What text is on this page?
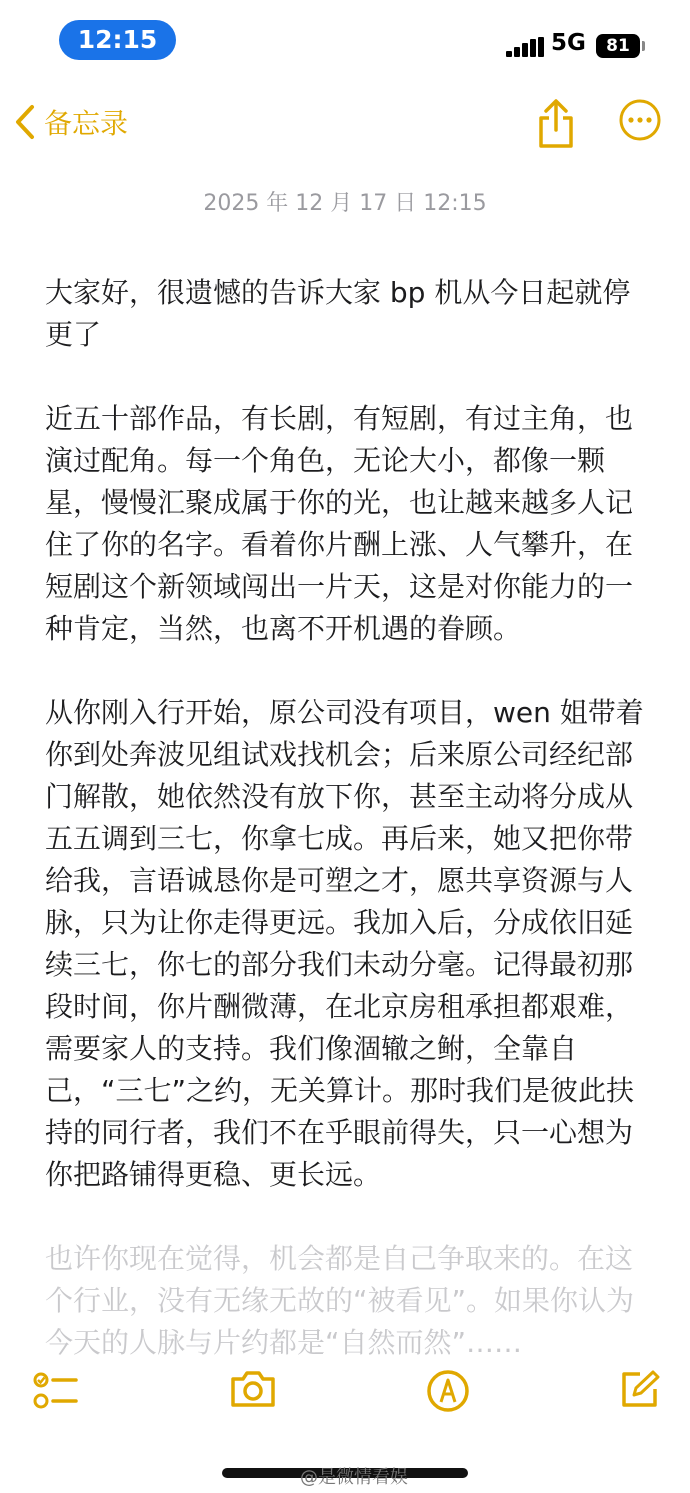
12:15	5G	81
备忘录
2025 年 12 月 17 日 12:15

大家好，很遗憾的告诉大家 bp 机从今日起就停更了

近五十部作品，有长剧，有短剧，有过主角，也演过配角。每一个角色，无论大小，都像一颗星，慢慢汇聚成属于你的光，也让越来越多人记住了你的名字。看着你片酬上涨、人气攀升，在短剧这个新领域闯出一片天，这是对你能力的一种肯定，当然，也离不开机遇的眷顾。

从你刚入行开始，原公司没有项目，wen 姐带着你到处奔波见组试戏找机会；后来原公司经纪部门解散，她依然没有放下你，甚至主动将分成从五五调到三七，你拿七成。再后来，她又把你带给我，言语诚恳你是可塑之才，愿共享资源与人脉，只为让你走得更远。我加入后，分成依旧延续三七，你七的部分我们未动分毫。记得最初那段时间，你片酬微薄，在北京房租承担都艰难，需要家人的支持。我们像涸辙之鲋，全靠自己，“三七”之约，无关算计。那时我们是彼此扶持的同行者，我们不在乎眼前得失，只一心想为你把路铺得更稳、更长远。

也许你现在觉得，机会都是自己争取来的。在这个行业，没有无缘无故的“被看见”。如果你认为今天的人脉与片约都是“自然而然”……

@是微情看娱
